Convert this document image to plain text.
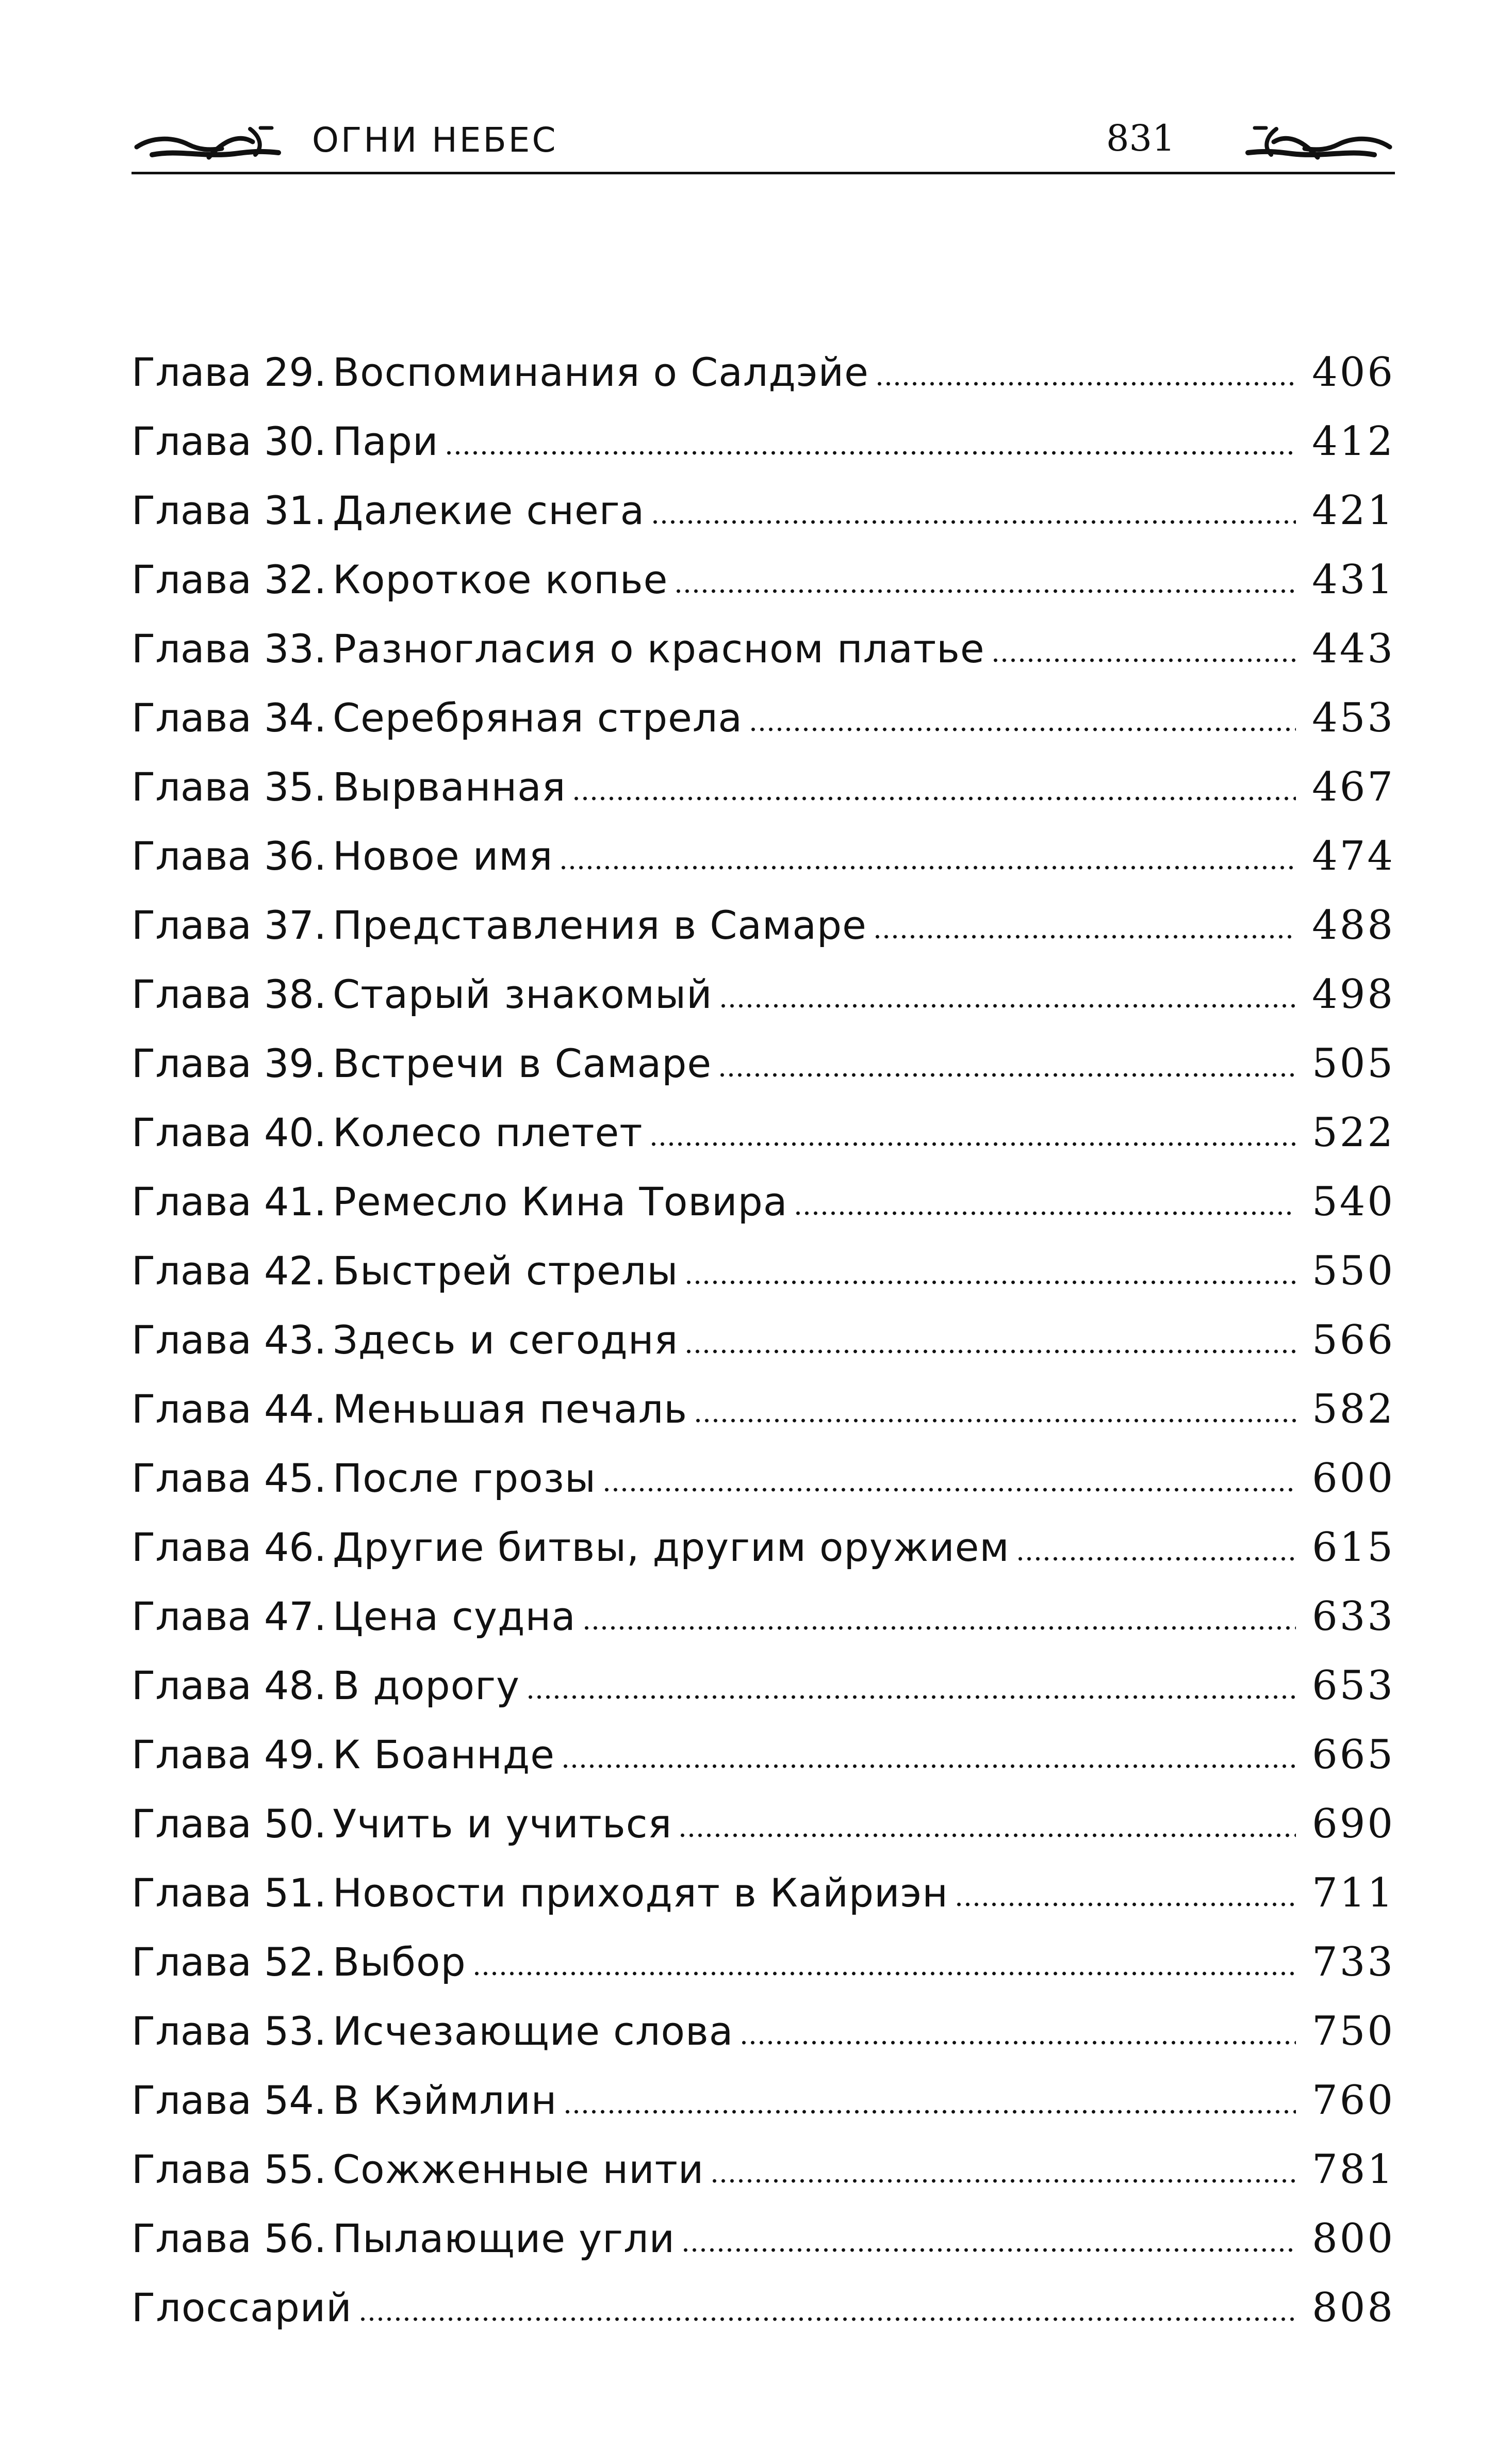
ОГНИ НЕБЕС	831
Глава 29. Воспоминания о Салдэйе	406
Глава 30. Пари	412
Глава 31. Далекие снега	421
Глава 32. Короткое копье	431
Глава 33. Разногласия о красном платье	443
Глава 34. Серебряная стрела	453
Глава 35. Вырванная	467
Глава 36. Новое имя	474
Глава 37. Представления в Самаре	488
Глава 38. Старый знакомый	498
Глава 39. Встречи в Самаре	505
Глава 40. Колесо плетет	522
Глава 41. Ремесло Кина Товира	540
Глава 42. Быстрей стрелы	550
Глава 43. Здесь и сегодня	566
Глава 44. Меньшая печаль	582
Глава 45. После грозы	600
Глава 46. Другие битвы, другим оружием	615
Глава 47. Цена судна	633
Глава 48. В дорогу	653
Глава 49. К Боаннде	665
Глава 50. Учить и учиться	690
Глава 51. Новости приходят в Кайриэн	711
Глава 52. Выбор	733
Глава 53. Исчезающие слова	750
Глава 54. В Кэймлин	760
Глава 55. Сожженные нити	781
Глава 56. Пылающие угли	800
Глоссарий	808
